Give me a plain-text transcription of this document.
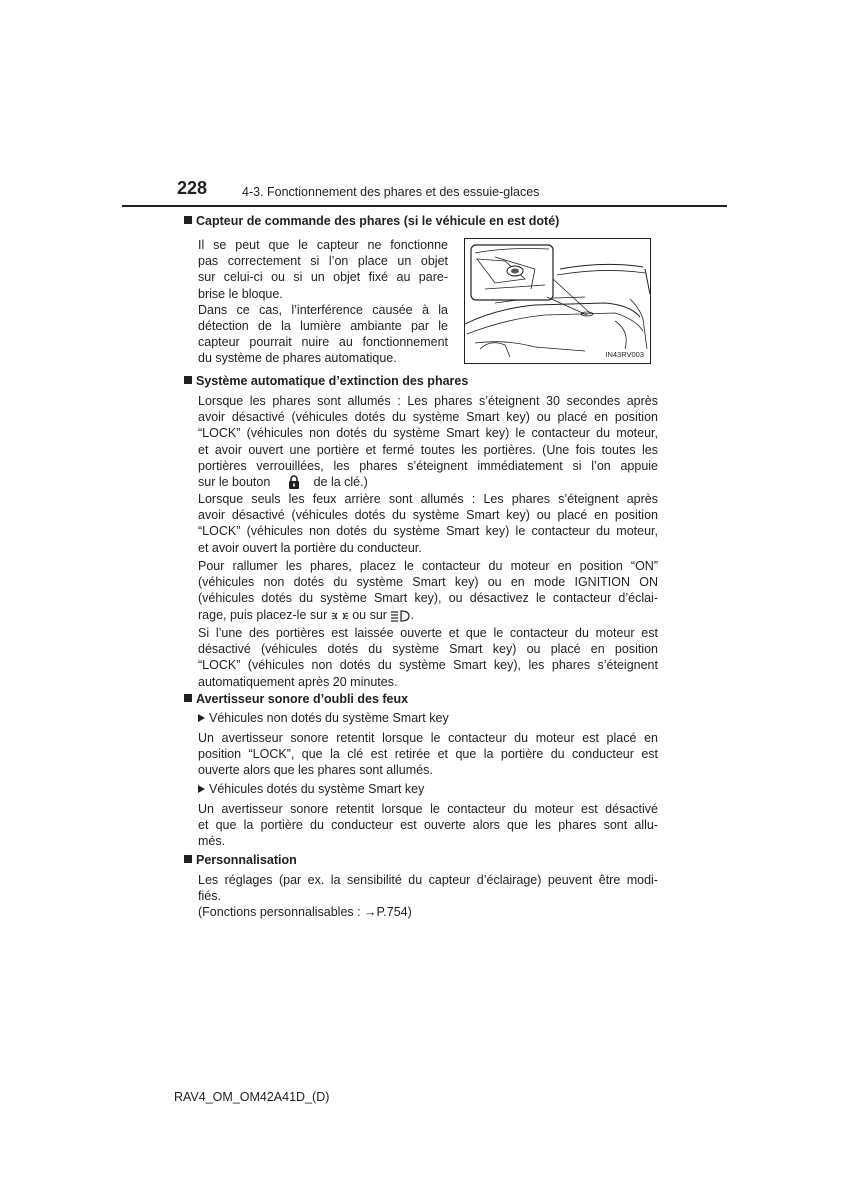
228	4-3. Fonctionnement des phares et des essuie-glaces
Capteur de commande des phares (si le véhicule en est doté)
Il se peut que le capteur ne fonctionne
pas correctement si l’on place un objet
sur celui-ci ou si un objet fixé au pare-
brise le bloque.
Dans ce cas, l’interférence causée à la
détection de la lumière ambiante par le
capteur pourrait nuire au fonctionnement
du système de phares automatique.	IN43RV003
Système automatique d’extinction des phares
Lorsque les phares sont allumés : Les phares s’éteignent 30 secondes après
avoir désactivé (véhicules dotés du système Smart key) ou placé en position
“LOCK” (véhicules non dotés du système Smart key) le contacteur du moteur,
et avoir ouvert une portière et fermé toutes les portières. (Une fois toutes les
portières verrouillées, les phares s’éteignent immédiatement si l’on appuie
sur le bouton	de la clé.)
Lorsque seuls les feux arrière sont allumés : Les phares s’éteignent après
avoir désactivé (véhicules dotés du système Smart key) ou placé en position
“LOCK” (véhicules non dotés du système Smart key) le contacteur du moteur,
et avoir ouvert la portière du conducteur.
Pour rallumer les phares, placez le contacteur du moteur en position “ON”
(véhicules non dotés du système Smart key) ou en mode IGNITION ON
(véhicules dotés du système Smart key), ou désactivez le contacteur d’éclai-
rage, puis placez-le sur ou sur .
Si l’une des portières est laissée ouverte et que le contacteur du moteur est
désactivé (véhicules dotés du système Smart key) ou placé en position
“LOCK” (véhicules non dotés du système Smart key), les phares s’éteignent
automatiquement après 20 minutes.
Avertisseur sonore d’oubli des feux
Véhicules non dotés du système Smart key
Un avertisseur sonore retentit lorsque le contacteur du moteur est placé en
position “LOCK”, que la clé est retirée et que la portière du conducteur est
ouverte alors que les phares sont allumés.
Véhicules dotés du système Smart key
Un avertisseur sonore retentit lorsque le contacteur du moteur est désactivé
et que la portière du conducteur est ouverte alors que les phares sont allu-
més.
Personnalisation
Les réglages (par ex. la sensibilité du capteur d’éclairage) peuvent être modi-
fiés.
(Fonctions personnalisables : →P.754)
RAV4_OM_OM42A41D_(D)
